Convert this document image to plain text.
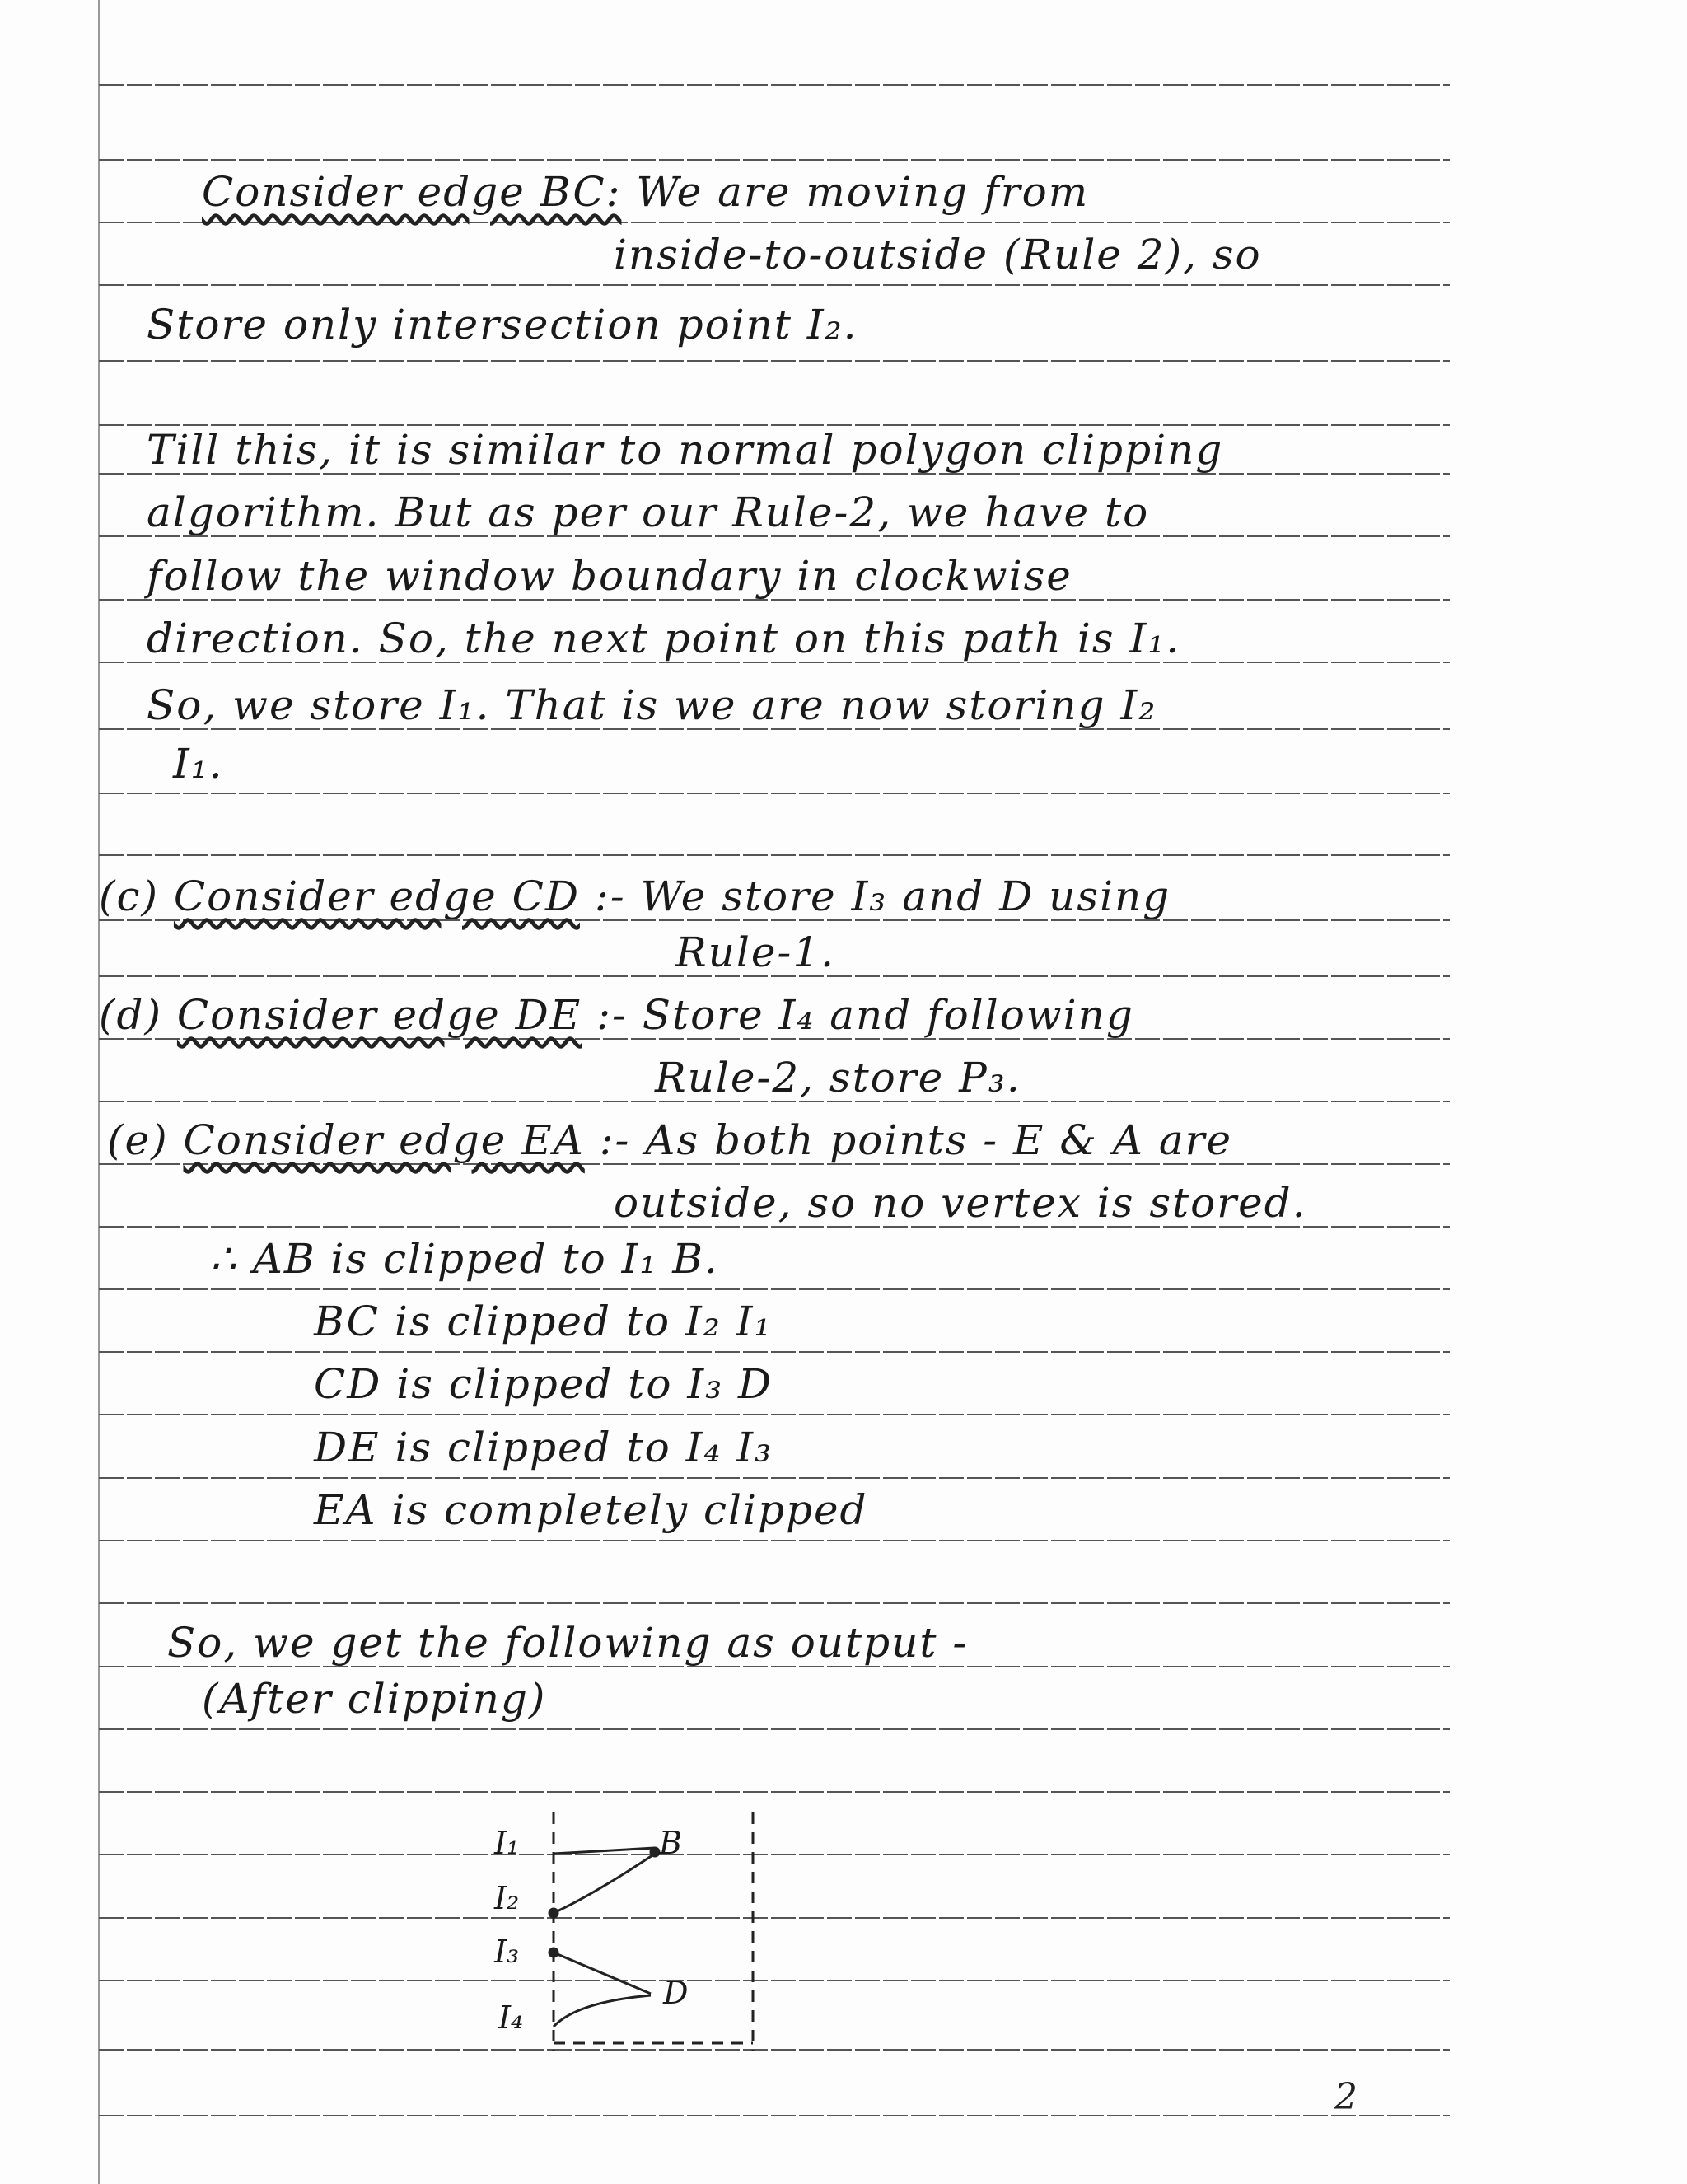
Consider edge BC: We are moving from
inside-to-outside (Rule 2), so
Store only intersection point I₂.
Till this, it is similar to normal polygon clipping
algorithm. But as per our Rule-2, we have to
follow the window boundary in clockwise
direction. So, the next point on this path is I₁.
So, we store I₁. That is we are now storing I₂
I₁.
(c) Consider edge CD :- We store I₃ and D using
Rule-1.
(d) Consider edge DE :- Store I₄ and following
Rule-2, store P₃.
(e) Consider edge EA :- As both points - E & A are
outside, so no vertex is stored.
∴ AB is clipped to I₁ B.
BC is clipped to I₂ I₁
CD is clipped to I₃ D
DE is clipped to I₄ I₃
EA is completely clipped
So, we get the following as output -
(After clipping)
I₁	B
I₂
I₃
D
I₄
2
